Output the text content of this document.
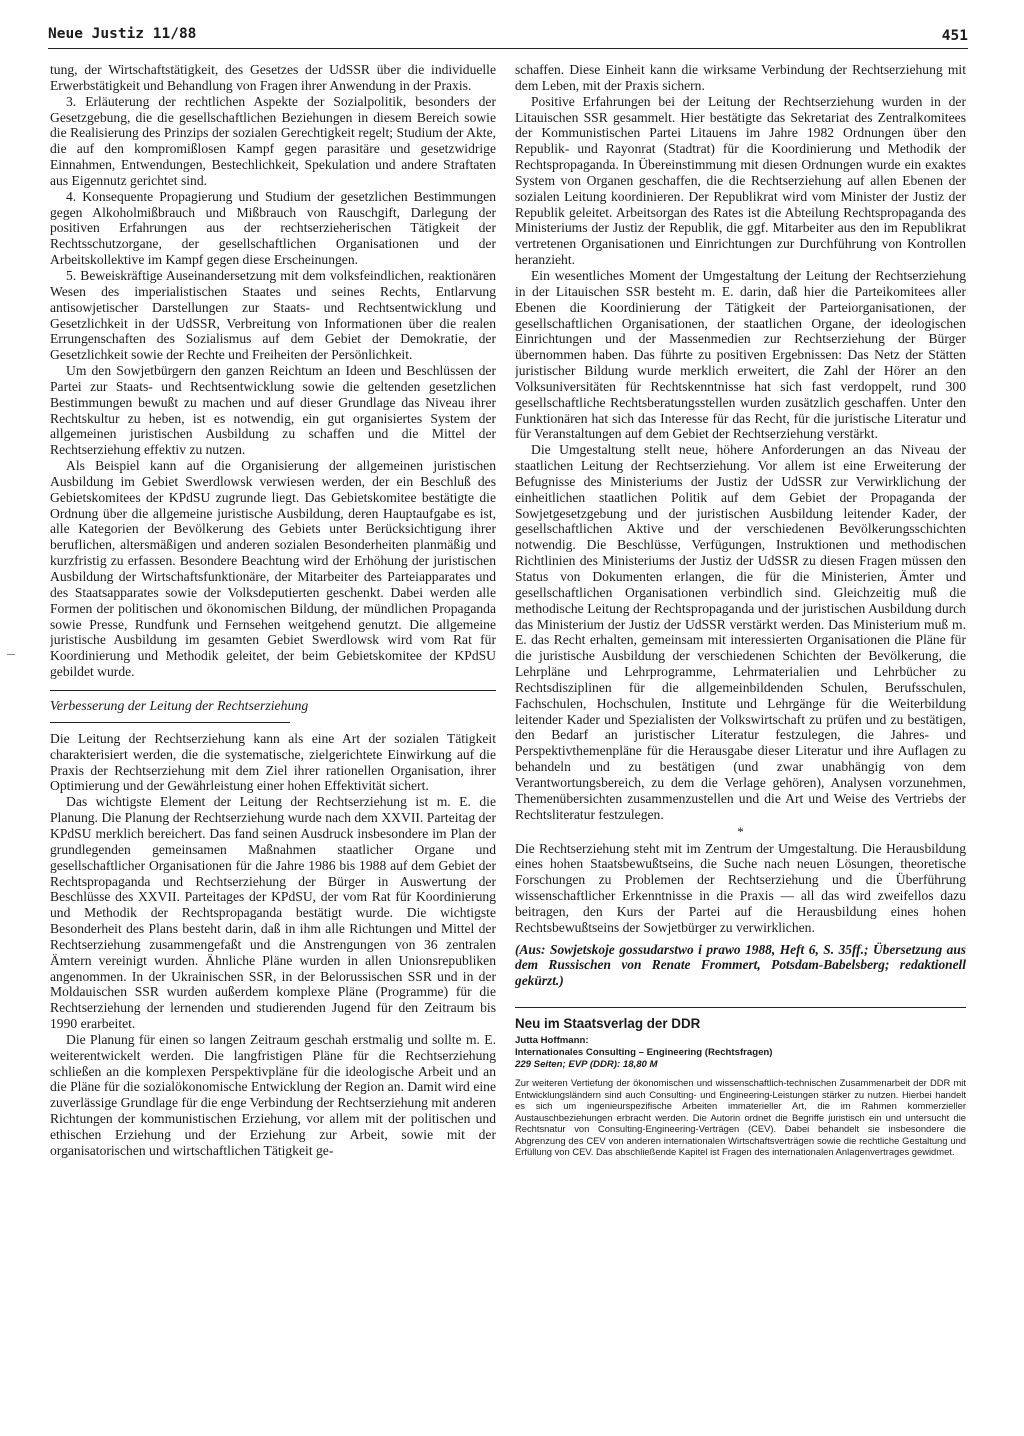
Neue Justiz 11/88	451

tung, der Wirtschaftstätigkeit, des Gesetzes der UdSSR über die individuelle Erwerbstätigkeit und Behandlung von Fragen ihrer Anwendung in der Praxis.

3. Erläuterung der rechtlichen Aspekte der Sozialpolitik, besonders der Gesetzgebung, die die gesellschaftlichen Beziehungen in diesem Bereich sowie die Realisierung des Prinzips der sozialen Gerechtigkeit regelt; Studium der Akte, die auf den kompromißlosen Kampf gegen parasitäre und gesetzwidrige Einnahmen, Entwendungen, Bestechlichkeit, Spekulation und andere Straftaten aus Eigennutz gerichtet sind.

4. Konsequente Propagierung und Studium der gesetzlichen Bestimmungen gegen Alkoholmißbrauch und Mißbrauch von Rauschgift, Darlegung der positiven Erfahrungen aus der rechtserzieherischen Tätigkeit der Rechtsschutzorgane, der gesellschaftlichen Organisationen und der Arbeitskollektive im Kampf gegen diese Erscheinungen.

5. Beweiskräftige Auseinandersetzung mit dem volksfeindlichen, reaktionären Wesen des imperialistischen Staates und seines Rechts, Entlarvung antisowjetischer Darstellungen zur Staats- und Rechtsentwicklung und Gesetzlichkeit in der UdSSR, Verbreitung von Informationen über die realen Errungenschaften des Sozialismus auf dem Gebiet der Demokratie, der Gesetzlichkeit sowie der Rechte und Freiheiten der Persönlichkeit.

Um den Sowjetbürgern den ganzen Reichtum an Ideen und Beschlüssen der Partei zur Staats- und Rechtsentwicklung sowie die geltenden gesetzlichen Bestimmungen bewußt zu machen und auf dieser Grundlage das Niveau ihrer Rechtskultur zu heben, ist es notwendig, ein gut organisiertes System der allgemeinen juristischen Ausbildung zu schaffen und die Mittel der Rechtserziehung effektiv zu nutzen.

Als Beispiel kann auf die Organisierung der allgemeinen juristischen Ausbildung im Gebiet Swerdlowsk verwiesen werden, der ein Beschluß des Gebietskomitees der KPdSU zugrunde liegt. Das Gebietskomitee bestätigte die Ordnung über die allgemeine juristische Ausbildung, deren Hauptaufgabe es ist, alle Kategorien der Bevölkerung des Gebiets unter Berücksichtigung ihrer beruflichen, altersmäßigen und anderen sozialen Besonderheiten planmäßig und kurzfristig zu erfassen. Besondere Beachtung wird der Erhöhung der juristischen Ausbildung der Wirtschaftsfunktionäre, der Mitarbeiter des Parteiapparates und des Staatsapparates sowie der Volksdeputierten geschenkt. Dabei werden alle Formen der politischen und ökonomischen Bildung, der mündlichen Propaganda sowie Presse, Rundfunk und Fernsehen weitgehend genutzt. Die allgemeine juristische Ausbildung im gesamten Gebiet Swerdlowsk wird vom Rat für Koordinierung und Methodik geleitet, der beim Gebietskomitee der KPdSU gebildet wurde.

Verbesserung der Leitung der Rechtserziehung

Die Leitung der Rechtserziehung kann als eine Art der sozialen Tätigkeit charakterisiert werden, die die systematische, zielgerichtete Einwirkung auf die Praxis der Rechtserziehung mit dem Ziel ihrer rationellen Organisation, ihrer Optimierung und der Gewährleistung einer hohen Effektivität sichert.

Das wichtigste Element der Leitung der Rechtserziehung ist m. E. die Planung. Die Planung der Rechtserziehung wurde nach dem XXVII. Parteitag der KPdSU merklich bereichert. Das fand seinen Ausdruck insbesondere im Plan der grundlegenden gemeinsamen Maßnahmen staatlicher Organe und gesellschaftlicher Organisationen für die Jahre 1986 bis 1988 auf dem Gebiet der Rechtspropaganda und Rechtserziehung der Bürger in Auswertung der Beschlüsse des XXVII. Parteitages der KPdSU, der vom Rat für Koordinierung und Methodik der Rechtspropaganda bestätigt wurde. Die wichtigste Besonderheit des Plans besteht darin, daß in ihm alle Richtungen und Mittel der Rechtserziehung zusammengefaßt und die Anstrengungen von 36 zentralen Ämtern vereinigt wurden. Ähnliche Pläne wurden in allen Unionsrepubliken angenommen. In der Ukrainischen SSR, in der Belorussischen SSR und in der Moldauischen SSR wurden außerdem komplexe Pläne (Programme) für die Rechtserziehung der lernenden und studierenden Jugend für den Zeitraum bis 1990 erarbeitet.

Die Planung für einen so langen Zeitraum geschah erstmalig und sollte m. E. weiterentwickelt werden. Die langfristigen Pläne für die Rechtserziehung schließen an die komplexen Perspektivpläne für die ideologische Arbeit und an die Pläne für die sozialökonomische Entwicklung der Region an. Damit wird eine zuverlässige Grundlage für die enge Verbindung der Rechtserziehung mit anderen Richtungen der kommunistischen Erziehung, vor allem mit der politischen und ethischen Erziehung und der Erziehung zur Arbeit, sowie mit der organisatorischen und wirtschaftlichen Tätigkeit ge-

schaffen. Diese Einheit kann die wirksame Verbindung der Rechtserziehung mit dem Leben, mit der Praxis sichern.

Positive Erfahrungen bei der Leitung der Rechtserziehung wurden in der Litauischen SSR gesammelt. Hier bestätigte das Sekretariat des Zentralkomitees der Kommunistischen Partei Litauens im Jahre 1982 Ordnungen über den Republik- und Rayonrat (Stadtrat) für die Koordinierung und Methodik der Rechtspropaganda. In Übereinstimmung mit diesen Ordnungen wurde ein exaktes System von Organen geschaffen, die die Rechtserziehung auf allen Ebenen der sozialen Leitung koordinieren. Der Republikrat wird vom Minister der Justiz der Republik geleitet. Arbeitsorgan des Rates ist die Abteilung Rechtspropaganda des Ministeriums der Justiz der Republik, die ggf. Mitarbeiter aus den im Republikrat vertretenen Organisationen und Einrichtungen zur Durchführung von Kontrollen heranzieht.

Ein wesentliches Moment der Umgestaltung der Leitung der Rechtserziehung in der Litauischen SSR besteht m. E. darin, daß hier die Parteikomitees aller Ebenen die Koordinierung der Tätigkeit der Parteiorganisationen, der gesellschaftlichen Organisationen, der staatlichen Organe, der ideologischen Einrichtungen und der Massenmedien zur Rechtserziehung der Bürger übernommen haben. Das führte zu positiven Ergebnissen: Das Netz der Stätten juristischer Bildung wurde merklich erweitert, die Zahl der Hörer an den Volksuniversitäten für Rechtskenntnisse hat sich fast verdoppelt, rund 300 gesellschaftliche Rechtsberatungsstellen wurden zusätzlich geschaffen. Unter den Funktionären hat sich das Interesse für das Recht, für die juristische Literatur und für Veranstaltungen auf dem Gebiet der Rechtserziehung verstärkt.

Die Umgestaltung stellt neue, höhere Anforderungen an das Niveau der staatlichen Leitung der Rechtserziehung. Vor allem ist eine Erweiterung der Befugnisse des Ministeriums der Justiz der UdSSR zur Verwirklichung der einheitlichen staatlichen Politik auf dem Gebiet der Propaganda der Sowjetgesetzgebung und der juristischen Ausbildung leitender Kader, der gesellschaftlichen Aktive und der verschiedenen Bevölkerungsschichten notwendig. Die Beschlüsse, Verfügungen, Instruktionen und methodischen Richtlinien des Ministeriums der Justiz der UdSSR zu diesen Fragen müssen den Status von Dokumenten erlangen, die für die Ministerien, Ämter und gesellschaftlichen Organisationen verbindlich sind. Gleichzeitig muß die methodische Leitung der Rechtspropaganda und der juristischen Ausbildung durch das Ministerium der Justiz der UdSSR verstärkt werden. Das Ministerium muß m. E. das Recht erhalten, gemeinsam mit interessierten Organisationen die Pläne für die juristische Ausbildung der verschiedenen Schichten der Bevölkerung, die Lehrpläne und Lehrprogramme, Lehrmaterialien und Lehrbücher zu Rechtsdisziplinen für die allgemeinbildenden Schulen, Berufsschulen, Fachschulen, Hochschulen, Institute und Lehrgänge für die Weiterbildung leitender Kader und Spezialisten der Volkswirtschaft zu prüfen und zu bestätigen, den Bedarf an juristischer Literatur festzulegen, die Jahres- und Perspektivthemenpläne für die Herausgabe dieser Literatur und ihre Auflagen zu behandeln und zu bestätigen (und zwar unabhängig von dem Verantwortungsbereich, zu dem die Verlage gehören), Analysen vorzunehmen, Themenübersichten zusammenzustellen und die Art und Weise des Vertriebs der Rechtsliteratur festzulegen.

*

Die Rechtserziehung steht mit im Zentrum der Umgestaltung. Die Herausbildung eines hohen Staatsbewußtseins, die Suche nach neuen Lösungen, theoretische Forschungen zu Problemen der Rechtserziehung und die Überführung wissenschaftlicher Erkenntnisse in die Praxis — all das wird zweifellos dazu beitragen, den Kurs der Partei auf die Herausbildung eines hohen Rechtsbewußtseins der Sowjetbürger zu verwirklichen.

(Aus: Sowjetskoje gossudarstwo i prawo 1988, Heft 6, S. 35ff.; Übersetzung aus dem Russischen von Renate Frommert, Potsdam-Babelsberg; redaktionell gekürzt.)

Neu im Staatsverlag der DDR
Jutta Hoffmann:
Internationales Consulting – Engineering (Rechtsfragen)
229 Seiten; EVP (DDR): 18,80 M
Zur weiteren Vertiefung der ökonomischen und wissenschaftlich-technischen Zusammenarbeit der DDR mit Entwicklungsländern sind auch Consulting- und Engineering-Leistungen stärker zu nutzen. Hierbei handelt es sich um ingenieurspezifische Arbeiten immaterieller Art, die im Rahmen kommerzieller Austauschbeziehungen erbracht werden. Die Autorin ordnet die Begriffe juristisch ein und untersucht die Rechtsnatur von Consulting-Engineering-Verträgen (CEV). Dabei behandelt sie insbesondere die Abgrenzung des CEV von anderen internationalen Wirtschaftsverträgen sowie die rechtliche Gestaltung und Erfüllung von CEV. Das abschließende Kapitel ist Fragen des internationalen Anlagenvertrages gewidmet.
